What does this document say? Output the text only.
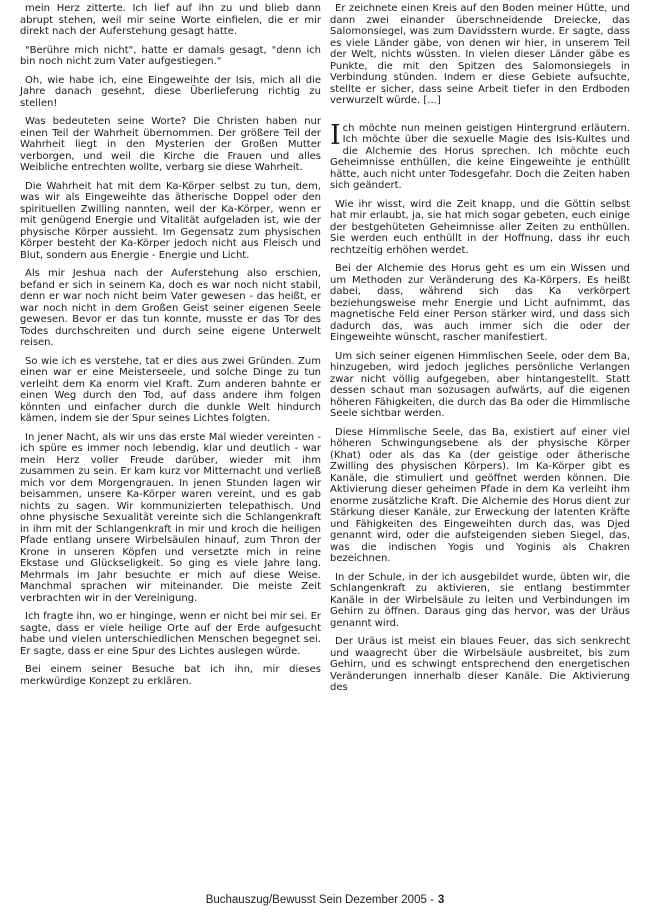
mein Herz zitterte. Ich lief auf ihn zu und blieb dann abrupt stehen, weil mir seine Worte einfielen, die er mir direkt nach der Auferstehung gesagt hatte.

"Berühre mich nicht", hatte er damals gesagt, "denn ich bin noch nicht zum Vater aufgestiegen."

Oh, wie habe ich, eine Eingeweihte der Isis, mich all die Jahre danach gesehnt, diese Überlieferung richtig zu stellen!

Was bedeuteten seine Worte? Die Christen haben nur einen Teil der Wahrheit übernommen. Der größere Teil der Wahrheit liegt in den Mysterien der Großen Mutter verborgen, und weil die Kirche die Frauen und alles Weibliche entrechten wollte, verbarg sie diese Wahrheit.

Die Wahrheit hat mit dem Ka-Körper selbst zu tun, dem, was wir als Eingeweihte das ätherische Doppel oder den spirituellen Zwilling nannten, weil der Ka-Körper, wenn er mit genügend Energie und Vitalität aufgeladen ist, wie der physische Körper aussieht. Im Gegensatz zum physischen Körper besteht der Ka-Körper jedoch nicht aus Fleisch und Blut, sondern aus Energie - Energie und Licht.

Als mir Jeshua nach der Auferstehung also erschien, befand er sich in seinem Ka, doch es war noch nicht stabil, denn er war noch nicht beim Vater gewesen - das heißt, er war noch nicht in dem Großen Geist seiner eigenen Seele gewesen. Bevor er das tun konnte, musste er das Tor des Todes durchschreiten und durch seine eigene Unterwelt reisen.

So wie ich es verstehe, tat er dies aus zwei Gründen. Zum einen war er eine Meisterseele, und solche Dinge zu tun verleiht dem Ka enorm viel Kraft. Zum anderen bahnte er einen Weg durch den Tod, auf dass andere ihm folgen könnten und einfacher durch die dunkle Welt hindurch kämen, indem sie der Spur seines Lichtes folgten.

In jener Nacht, als wir uns das erste Mal wieder vereinten - ich spüre es immer noch lebendig, klar und deutlich - war mein Herz voller Freude darüber, wieder mit ihm zusammen zu sein. Er kam kurz vor Mitternacht und verließ mich vor dem Morgengrauen. In jenen Stunden lagen wir beisammen, unsere Ka-Körper waren vereint, und es gab nichts zu sagen. Wir kommunizierten telepathisch. Und ohne physische Sexualität vereinte sich die Schlangenkraft in ihm mit der Schlangenkraft in mir und kroch die heiligen Pfade entlang unsere Wirbelsäulen hinauf, zum Thron der Krone in unseren Köpfen und versetzte mich in reine Ekstase und Glückseligkeit. So ging es viele Jahre lang. Mehrmals im Jahr besuchte er mich auf diese Weise. Manchmal sprachen wir miteinander. Die meiste Zeit verbrachten wir in der Vereinigung.

Ich fragte ihn, wo er hinginge, wenn er nicht bei mir sei. Er sagte, dass er viele heilige Orte auf der Erde aufgesucht habe und vielen unterschiedlichen Menschen begegnet sei. Er sagte, dass er eine Spur des Lichtes auslegen würde.

Bei einem seiner Besuche bat ich ihn, mir dieses merkwürdige Konzept zu erklären.

Er zeichnete einen Kreis auf den Boden meiner Hütte, und dann zwei einander überschneidende Dreiecke, das Salomonsiegel, was zum Davidsstern wurde. Er sagte, dass es viele Länder gäbe, von denen wir hier, in unserem Teil der Welt, nichts wüssten. In vielen dieser Länder gäbe es Punkte, die mit den Spitzen des Salomonsiegels in Verbindung stünden. Indem er diese Gebiete aufsuchte, stellte er sicher, dass seine Arbeit tiefer in den Erdboden verwurzelt würde. [...]

Ich möchte nun meinen geistigen Hintergrund erläutern. Ich möchte über die sexuelle Magie des Isis-Kultes und die Alchemie des Horus sprechen. Ich möchte euch Geheimnisse enthüllen, die keine Eingeweihte je enthüllt hätte, auch nicht unter Todesgefahr. Doch die Zeiten haben sich geändert.

Wie ihr wisst, wird die Zeit knapp, und die Göttin selbst hat mir erlaubt, ja, sie hat mich sogar gebeten, euch einige der bestgehüteten Geheimnisse aller Zeiten zu enthüllen. Sie werden euch enthüllt in der Hoffnung, dass ihr euch rechtzeitig erhöhen werdet.

Bei der Alchemie des Horus geht es um ein Wissen und um Methoden zur Veränderung des Ka-Körpers. Es heißt dabei, dass, während sich das Ka verkörpert beziehungsweise mehr Energie und Licht aufnimmt, das magnetische Feld einer Person stärker wird, und dass sich dadurch das, was auch immer sich die oder der Eingeweihte wünscht, rascher manifestiert.

Um sich seiner eigenen Himmlischen Seele, oder dem Ba, hinzugeben, wird jedoch jegliches persönliche Verlangen zwar nicht völlig aufgegeben, aber hintangestellt. Statt dessen schaut man sozusagen aufwärts, auf die eigenen höheren Fähigkeiten, die durch das Ba oder die Himmlische Seele sichtbar werden.

Diese Himmlische Seele, das Ba, existiert auf einer viel höheren Schwingungsebene als der physische Körper (Khat) oder als das Ka (der geistige oder ätherische Zwilling des physischen Körpers). Im Ka-Körper gibt es Kanäle, die stimuliert und geöffnet werden können. Die Aktivierung dieser geheimen Pfade in dem Ka verleiht ihm enorme zusätzliche Kraft. Die Alchemie des Horus dient zur Stärkung dieser Kanäle, zur Erweckung der latenten Kräfte und Fähigkeiten des Eingeweihten durch das, was Djed genannt wird, oder die aufsteigenden sieben Siegel, das, was die indischen Yogis und Yoginis als Chakren bezeichnen.

In der Schule, in der ich ausgebildet wurde, übten wir, die Schlangenkraft zu aktivieren, sie entlang bestimmter Kanäle in der Wirbelsäule zu leiten und Verbindungen im Gehirn zu öffnen. Daraus ging das hervor, was der Uräus genannt wird.

Der Uräus ist meist ein blaues Feuer, das sich senkrecht und waagrecht über die Wirbelsäule ausbreitet, bis zum Gehirn, und es schwingt entsprechend den energetischen Veränderungen innerhalb dieser Kanäle. Die Aktivierung des

Buchauszug/Bewusst Sein Dezember 2005 - 3
